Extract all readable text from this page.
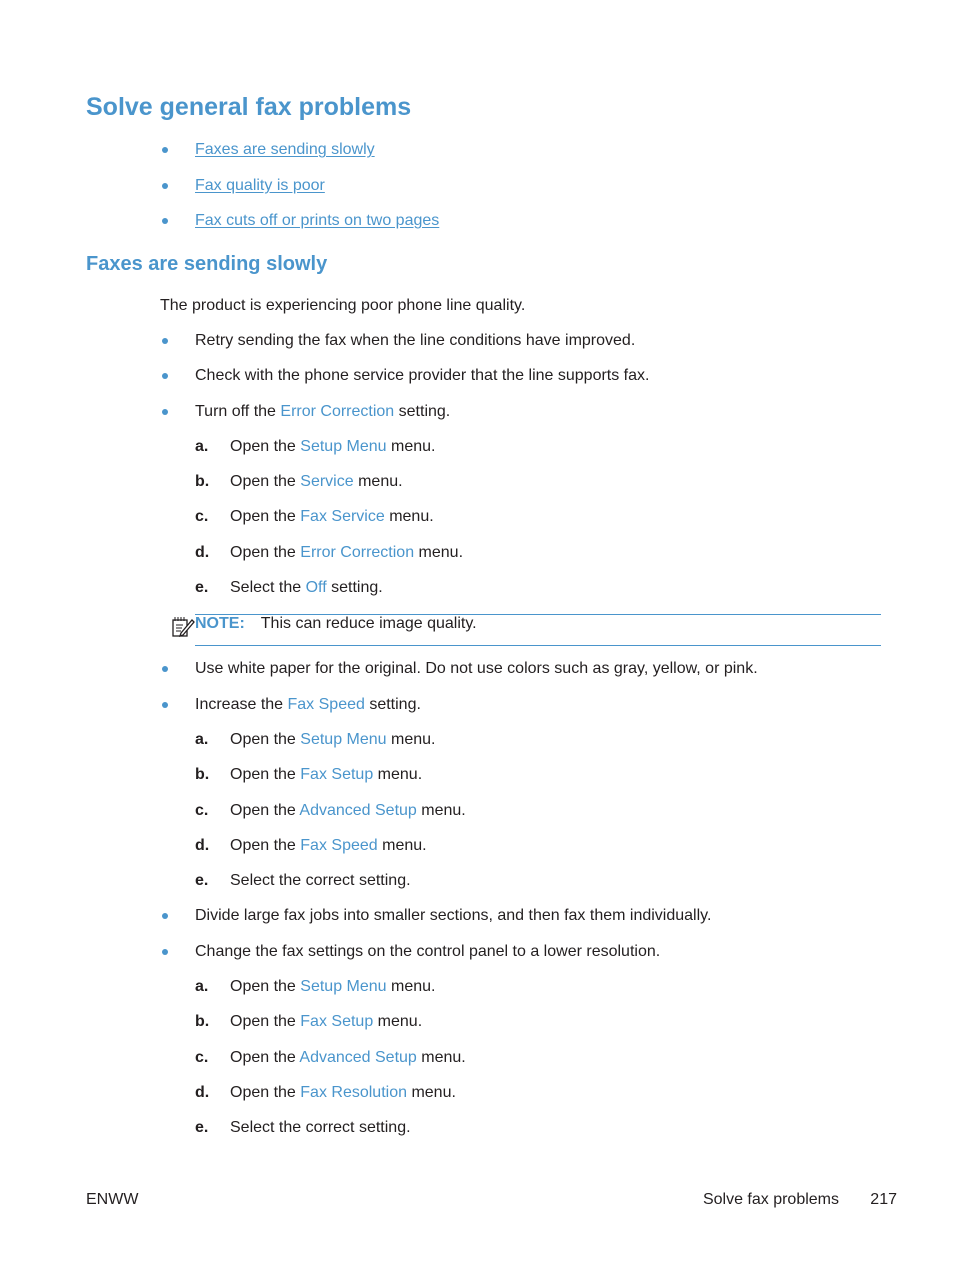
Solve general fax problems
Faxes are sending slowly
Fax quality is poor
Fax cuts off or prints on two pages
Faxes are sending slowly
The product is experiencing poor phone line quality.
Retry sending the fax when the line conditions have improved.
Check with the phone service provider that the line supports fax.
Turn off the Error Correction setting.
a. Open the Setup Menu menu.
b. Open the Service menu.
c. Open the Fax Service menu.
d. Open the Error Correction menu.
e. Select the Off setting.
NOTE: This can reduce image quality.
Use white paper for the original. Do not use colors such as gray, yellow, or pink.
Increase the Fax Speed setting.
a. Open the Setup Menu menu.
b. Open the Fax Setup menu.
c. Open the Advanced Setup menu.
d. Open the Fax Speed menu.
e. Select the correct setting.
Divide large fax jobs into smaller sections, and then fax them individually.
Change the fax settings on the control panel to a lower resolution.
a. Open the Setup Menu menu.
b. Open the Fax Setup menu.
c. Open the Advanced Setup menu.
d. Open the Fax Resolution menu.
e. Select the correct setting.
ENWW	Solve fax problems 217
